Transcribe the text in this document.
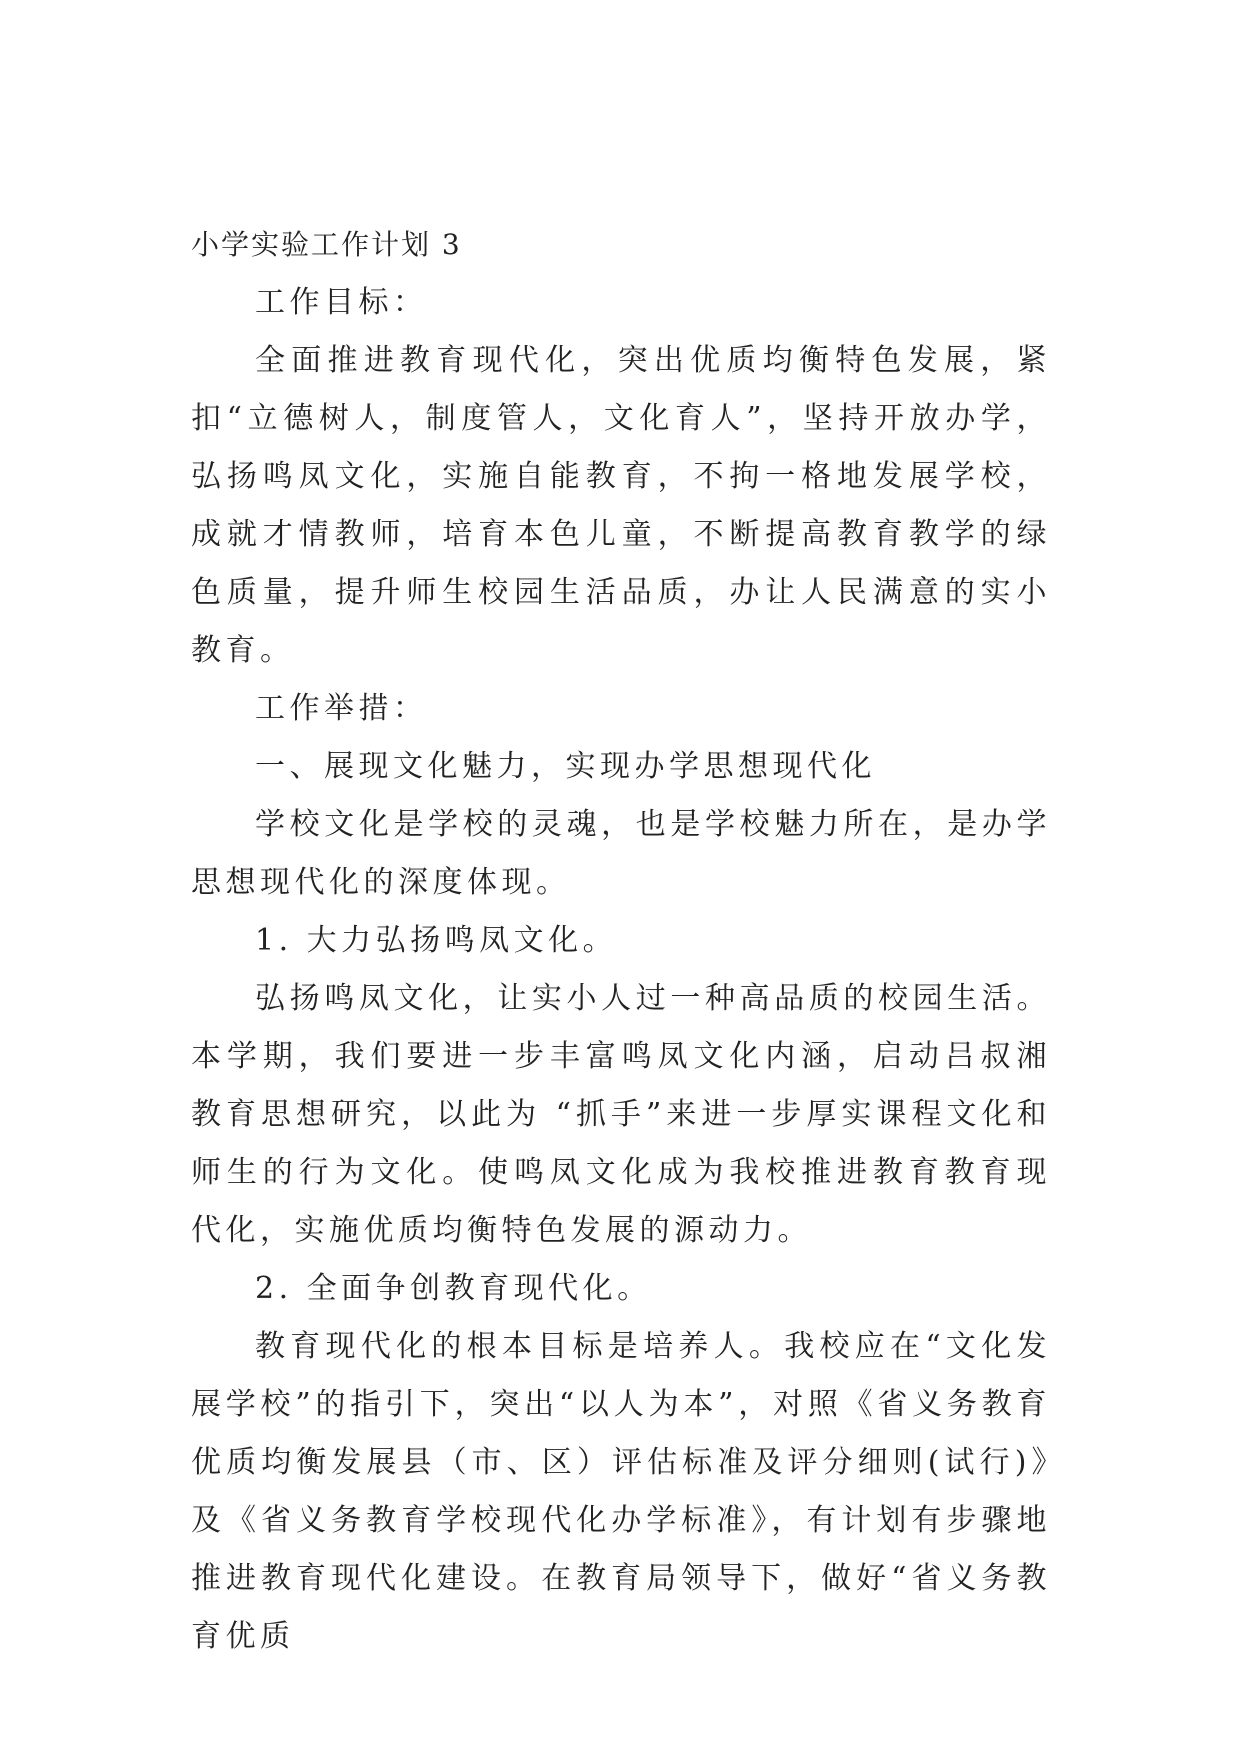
小学实验工作计划 3

工作目标：

全面推进教育现代化，突出优质均衡特色发展，紧扣“立德树人，制度管人，文化育人”，坚持开放办学，弘扬鸣凤文化，实施自能教育，不拘一格地发展学校，成就才情教师，培育本色儿童，不断提高教育教学的绿色质量，提升师生校园生活品质，办让人民满意的实小教育。

工作举措：

一、展现文化魅力，实现办学思想现代化

学校文化是学校的灵魂，也是学校魅力所在，是办学思想现代化的深度体现。

1. 大力弘扬鸣凤文化。

弘扬鸣凤文化，让实小人过一种高品质的校园生活。本学期，我们要进一步丰富鸣凤文化内涵，启动吕叔湘教育思想研究，以此为 “抓手”来进一步厚实课程文化和师生的行为文化。使鸣凤文化成为我校推进教育教育现代化，实施优质均衡特色发展的源动力。

2. 全面争创教育现代化。

教育现代化的根本目标是培养人。我校应在“文化发展学校”的指引下，突出“以人为本”，对照《省义务教育优质均衡发展县（市、区）评估标准及评分细则(试行)》及《省义务教育学校现代化办学标准》，有计划有步骤地推进教育现代化建设。在教育局领导下，做好“省义务教育优质
